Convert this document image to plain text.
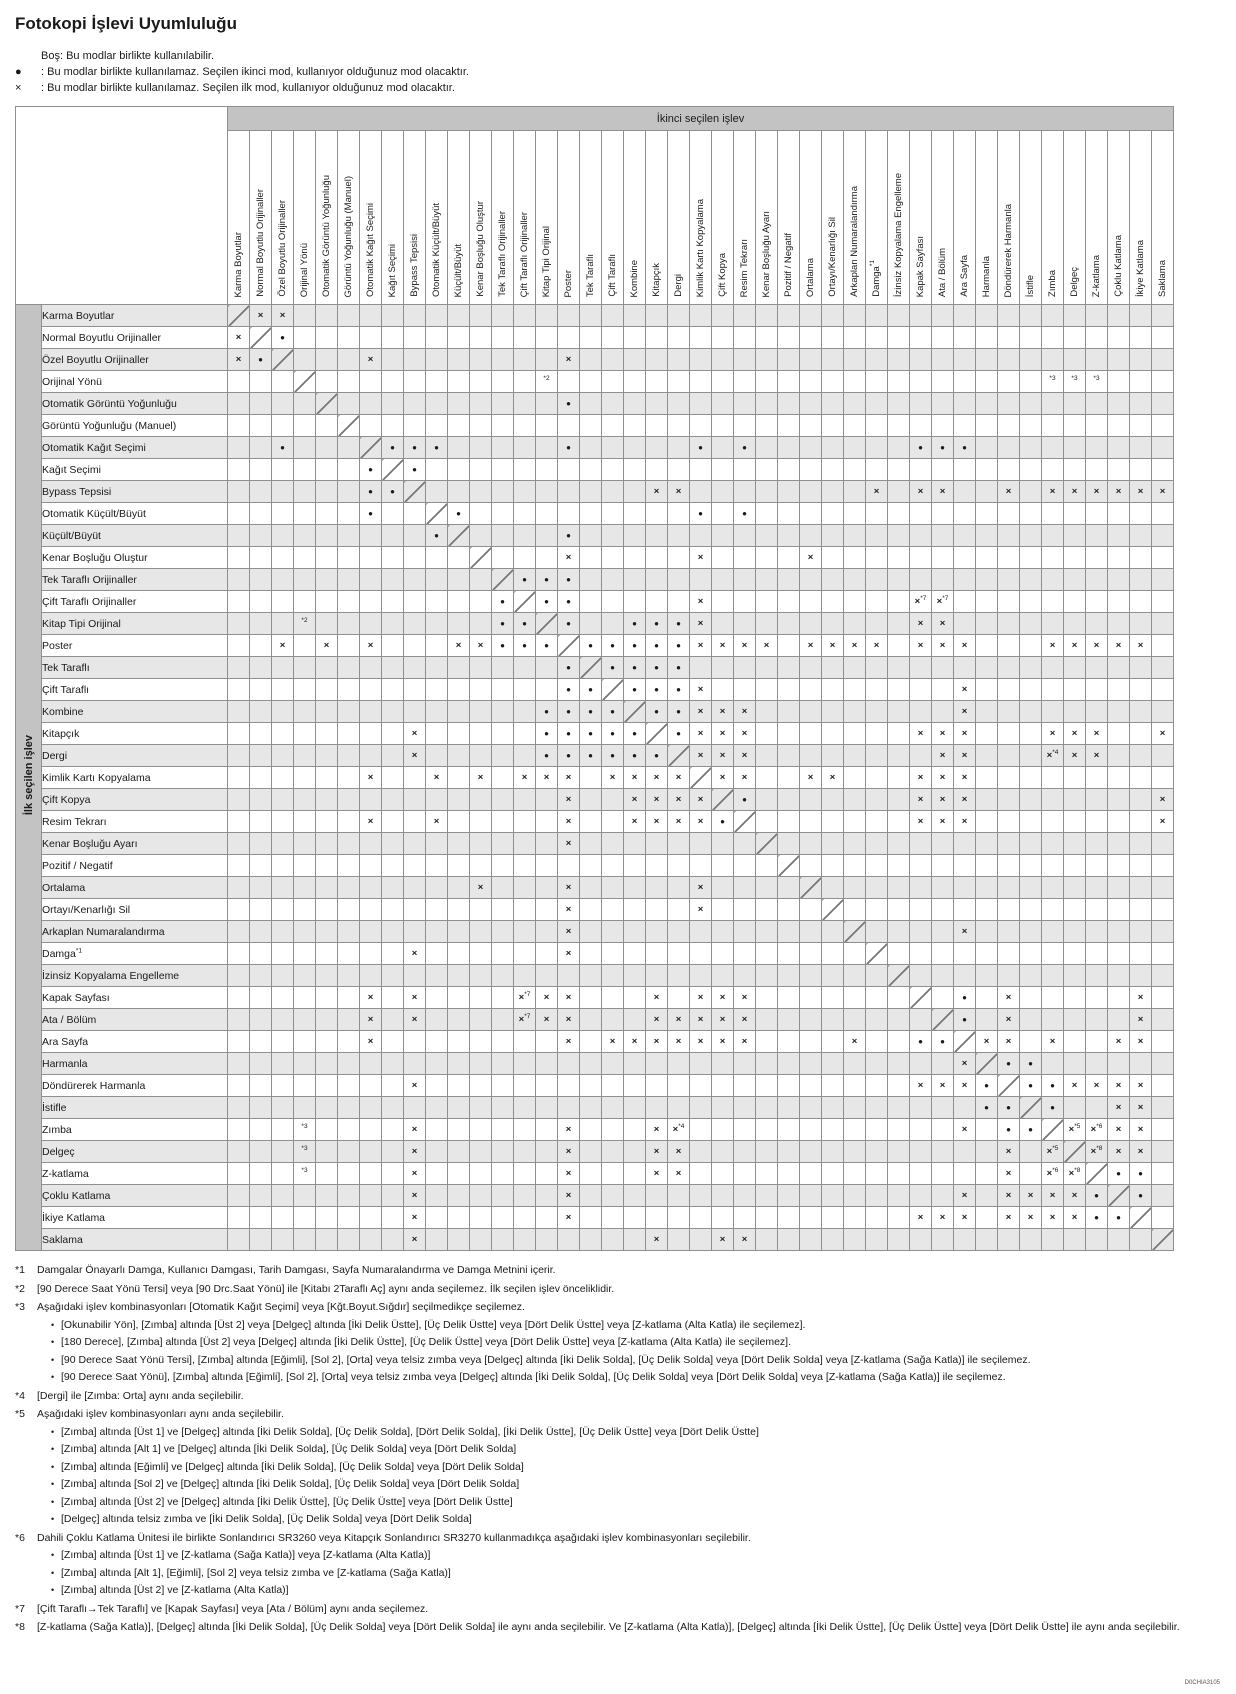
Fotokopi İşlevi Uyumluluğu
Boş: Bu modlar birlikte kullanılabilir.
●	: Bu modlar birlikte kullanılamaz. Seçilen ikinci mod, kullanıyor olduğunuz mod olacaktır.
×	: Bu modlar birlikte kullanılamaz. Seçilen ilk mod, kullanıyor olduğunuz mod olacaktır.
		İkinci seçilen işlev																																										
		Karma Boyutlar	Normal Boyutlu Orijinaller	Özel Boyutlu Orijinaller	Orijinal Yönü	Otomatik Görüntü Yoğunluğu	Görüntü Yoğunluğu (Manuel)	Otomatik Kağıt Seçimi	Kağıt Seçimi	Bypass Tepsisi	Otomatik Küçült/Büyüt	Küçült/Büyüt	Kenar Boşluğu Oluştur	Tek Taraflı Orijinaller	Çift Taraflı Orijinaller	Kitap Tipi Orijinal	Poster	Tek Taraflı	Çift Taraflı	Kombine	Kitapçık	Dergi	Kimlik Kartı Kopyalama	Çift Kopya	Resim Tekrarı	Kenar Boşluğu Ayarı	Pozitif / Negatif	Ortalama	Ortayı/Kenarlığı Sil	Arkaplan Numaralandırma	Damga$^{*1}$	İzinsiz Kopyalama Engelleme	Kapak Sayfası	Ata / Bölüm	Ara Sayfa	Harmanla	Döndürerek Harmanla	İstifle	Zımba	Delgeç	Z-katlama	Çoklu Katlama	İkiye Katlama	Saklama
İlk seçilen işlev	Karma Boyutlar		×	×																																								
	Normal Boyutlu Orijinaller	×		●																																								
	Özel Boyutlu Orijinaller	×	●					×									×																											
	Orijinal Yönü															$^{*2}$																							$^{*3}$	$^{*3}$	$^{*3}$			
	Otomatik Görüntü Yoğunluğu																●																											
	Görüntü Yoğunluğu (Manuel)																																											
	Otomatik Kağıt Seçimi			●					●	●	●						●						●		●								●	●	●									
	Kağıt Seçimi							●		●																																		
	Bypass Tepsisi							●	●												×	×									×		×	×			×		×	×	×	×	×	×
	Otomatik Küçült/Büyüt							●				●											●		●																			
	Küçült/Büyüt										●						●																											
	Kenar Boşluğu Oluştur																×						×					×																
	Tek Taraflı Orijinaller														●	●	●																											
	Çift Taraflı Orijinaller													●		●	●						×										×$^{*7}$	×$^{*7}$										
	Kitap Tipi Orijinal				$^{*2}$									●	●		●			●	●	●	×										×	×										
	Poster			×		×		×				×	×	●	●	●		●	●	●	●	●	×	×	×	×		×	×	×	×		×	×	×				×	×	×	×	×	
	Tek Taraflı																●		●	●	●	●																						
	Çift Taraflı																●	●		●	●	●	×												×									
	Kombine															●	●	●	●		●	●	×	×	×										×									
	Kitapçık									×						●	●	●	●	●		●	×	×	×								×	×	×				×	×	×			×
	Dergi									×						●	●	●	●	●	●		×	×	×									×	×				×$^{*4}$	×	×			
	Kimlik Kartı Kopyalama							×			×		×		×	×	×		×	×	×	×		×	×			×	×				×	×	×									
	Çift Kopya																×			×	×	×	×		●								×	×	×									×
	Resim Tekrarı							×			×						×			×	×	×	×	●									×	×	×									×
	Kenar Boşluğu Ayarı																×																											
	Pozitif / Negatif																																											
	Ortalama												×				×						×																					
	Ortayı/Kenarlığı Sil																×						×																					
	Arkaplan Numaralandırma																×																		×									
	Damga$^{*1}$									×							×																											
	İzinsiz Kopyalama Engelleme																																											
	Kapak Sayfası							×		×					×$^{*7}$	×	×				×		×	×	×										●		×						×	
	Ata / Bölüm							×		×					×$^{*7}$	×	×				×	×	×	×	×										●		×						×	
	Ara Sayfa							×									×		×	×	×	×	×	×	×					×			●	●		×	×		×			×	×	
	Harmanla																																		×		●	●						
	Döndürerek Harmanla									×																							×	×	×	●		●	●	×	×	×	×	
	İstifle																																			●	●		●			×	×	
	Zımba				$^{*3}$					×							×				×	×$^{*4}$													×		●	●		×$^{*5}$	×$^{*6}$	×	×	
	Delgeç				$^{*3}$					×							×				×	×															×		×$^{*5}$		×$^{*8}$	×	×	
	Z-katlama				$^{*3}$					×							×				×	×															×		×$^{*6}$	×$^{*8}$		●	●	
	Çoklu Katlama									×							×																		×		×	×	×	×	●		●	
	İkiye Katlama									×							×																×	×	×		×	×	×	×	●	●		
	Saklama									×											×			×	×																			
*1	Damgalar Önayarlı Damga, Kullanıcı Damgası, Tarih Damgası, Sayfa Numaralandırma ve Damga Metnini içerir.
*2	[90 Derece Saat Yönü Tersi] veya [90 Drc.Saat Yönü] ile [Kitabı 2Taraflı Aç] aynı anda seçilemez. İlk seçilen işlev önceliklidir.
*3	Aşağıdaki işlev kombinasyonları [Otomatik Kağıt Seçimi] veya [Kğt.Boyut.Sığdır] seçilmedikçe seçilemez.
• [Okunabilir Yön], [Zımba] altında [Üst 2] veya [Delgeç] altında [İki Delik Üstte], [Üç Delik Üstte] veya [Dört Delik Üstte] veya [Z-katlama (Alta Katla) ile seçilemez].
• [180 Derece], [Zımba] altında [Üst 2] veya [Delgeç] altında [İki Delik Üstte], [Üç Delik Üstte] veya [Dört Delik Üstte] veya [Z-katlama (Alta Katla) ile seçilemez].
• [90 Derece Saat Yönü Tersi], [Zımba] altında [Eğimli], [Sol 2], [Orta] veya telsiz zımba veya [Delgeç] altında [İki Delik Solda], [Üç Delik Solda] veya [Dört Delik Solda] veya [Z-katlama (Sağa Katla)] ile seçilemez.
• [90 Derece Saat Yönü], [Zımba] altında [Eğimli], [Sol 2], [Orta] veya telsiz zımba veya [Delgeç] altında [İki Delik Solda], [Üç Delik Solda] veya [Dört Delik Solda] veya [Z-katlama (Sağa Katla)] ile seçilemez.
*4	[Dergi] ile [Zımba: Orta] aynı anda seçilebilir.
*5	Aşağıdaki işlev kombinasyonları aynı anda seçilebilir.
• [Zımba] altında [Üst 1] ve [Delgeç] altında [İki Delik Solda], [Üç Delik Solda], [Dört Delik Solda], [İki Delik Üstte], [Üç Delik Üstte] veya [Dört Delik Üstte]
• [Zımba] altında [Alt 1] ve [Delgeç] altında [İki Delik Solda], [Üç Delik Solda] veya [Dört Delik Solda]
• [Zımba] altında [Eğimli] ve [Delgeç] altında [İki Delik Solda], [Üç Delik Solda] veya [Dört Delik Solda]
• [Zımba] altında [Sol 2] ve [Delgeç] altında [İki Delik Solda], [Üç Delik Solda] veya [Dört Delik Solda]
• [Zımba] altında [Üst 2] ve [Delgeç] altında [İki Delik Üstte], [Üç Delik Üstte] veya [Dört Delik Üstte]
• [Delgeç] altında telsiz zımba ve [İki Delik Solda], [Üç Delik Solda] veya [Dört Delik Solda]
*6	Dahili Çoklu Katlama Ünitesi ile birlikte Sonlandırıcı SR3260 veya Kitapçık Sonlandırıcı SR3270 kullanmadıkça aşağıdaki işlev kombinasyonları seçilebilir.
• [Zımba] altında [Üst 1] ve [Z-katlama (Sağa Katla)] veya [Z-katlama (Alta Katla)]
• [Zımba] altında [Alt 1], [Eğimli], [Sol 2] veya telsiz zımba ve [Z-katlama (Sağa Katla)]
• [Zımba] altında [Üst 2] ve [Z-katlama (Alta Katla)]
*7	[Çift Taraflı→Tek Taraflı] ve [Kapak Sayfası] veya [Ata / Bölüm] aynı anda seçilemez.
*8	[Z-katlama (Sağa Katla)], [Delgeç] altında [İki Delik Solda], [Üç Delik Solda] veya [Dört Delik Solda] ile aynı anda seçilebilir. Ve [Z-katlama (Alta Katla)], [Delgeç] altında [İki Delik Üstte], [Üç Delik Üstte] veya [Dört Delik Üstte] ile aynı anda seçilebilir.
D0CHIA3105
